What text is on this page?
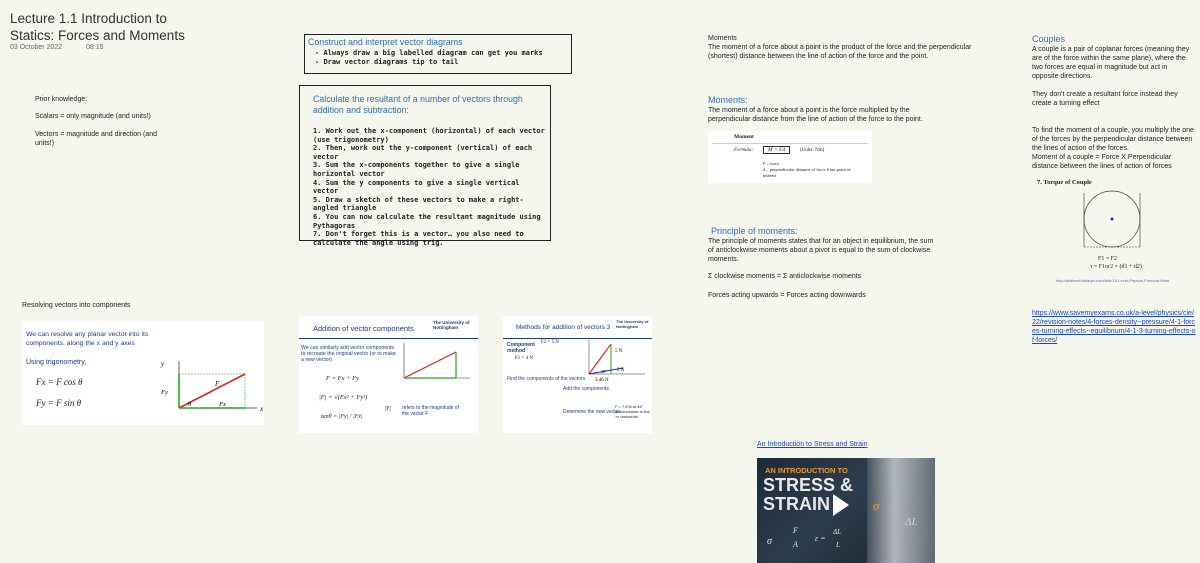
Lecture 1.1 Introduction to Statics: Forces and Moments
03 October 2022	08:15
Prior knowledge:
Scalars = only magnitude (and units!)
Vectors = magnitude and direction (and units!)
Resolving vectors into components
We can resolve any planar vector into its components, along the x and y axes
Using trigonometry,
Fx = F cos θ
Fy = F sin θ
y
x
F
Fy
Fx
θ
Construct and interpret vector diagrams
- Always draw a big labelled diagram can get you marks
- Draw vector diagrams tip to tail
Calculate the resultant of a number of vectors through addition and subtraction:
1. Work out the x-component (horizontal) of each vector (use trigonometry)
2. Then, work out the y-component (vertical) of each vector
3. Sum the x-components together to give a single horizontal vector
4. Sum the y components to give a single vertical vector
5. Draw a sketch of these vectors to make a right-angled triangle
6. You can now calculate the resultant magnitude using Pythagoras
7. Don't forget this is a vector… you also need to calculate the angle using trig.
Addition of vector components
The University of Nottingham
We can similarly add vector components to recreate the original vector (or to make a new vector)
F = Fx + Fy
|F| = √(Fx² + Fy²)
tanθ = |Fy| / |Fx|
|F| refers to the magnitude of the vector F
Methods for addition of vectors 3
The University of Nottingham
Component method
F2 = 5 N
F1 = 4 N
Find the components of the vectors
Add the components
Determine the new vector
F = 7.8 N at 44° anticlockwise to the +x horizontal
5 N
2 N
3.46 N
30°
Moments
The moment of a force about a point is the product of the force and the perpendicular (shortest) distance between the line of action of the force and the point.
Moments:
The moment of a force about a point is the force multiplied by the perpendicular distance from the line of action of the force to the point.
Moment
Formula:	M = Fd	(Units: Nm)
F – force
d – perpendicular distance of force from point of interest
Principle of moments:
The principle of moments states that for an object in equilibrium, the sum of anticlockwise moments about a pivot is equal to the sum of clockwise moments.
Σ clockwise moments = Σ anticlockwise moments
Forces acting upwards = Forces acting downwards
An Introduction to Stress and Strain
AN INTRODUCTION TO
STRESS &
STRAIN
σ
F
A
ε =
ΔL
L
ΔL
σ
Couples
A couple is a pair of coplanar forces (meaning they are of the force within the same plane), where the two forces are equal in magnitude but act in opposite directions.
They don't create a resultant force instead they create a turning effect
To find the moment of a couple, you multiply the one of the forces by the perpendicular distance between the lines of action of the forces.
Moment of a couple = Force X Perpendicular distance between the lines of action of forces
7. Torque of Couple
F1 = F2
τ = F1or2 × (d1 + d2)
http://alldimeli.bdfaqer.com/bnb/10-Level-Physics-Formula-Meet
https://www.savemyexams.co.uk/a-level/physics/cie/22/revision-notes/4-forces-density--pressure/4-1-forces-turning-effects--equilibrium/4-1-3-turning-effects-of-forces/
